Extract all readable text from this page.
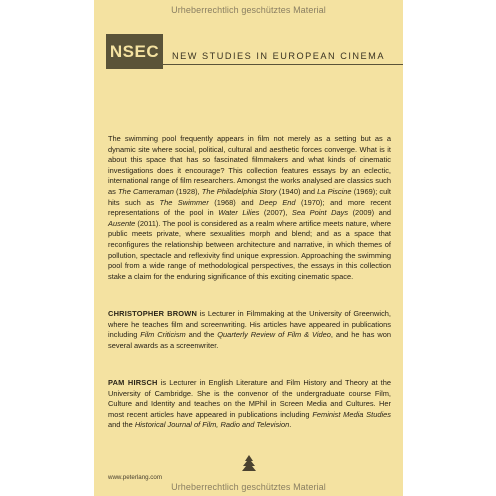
Urheberrechtlich geschütztes Material
NSEC	NEW STUDIES IN EUROPEAN CINEMA
The swimming pool frequently appears in film not merely as a setting but as a dynamic site where social, political, cultural and aesthetic forces converge. What is it about this space that has so fascinated filmmakers and what kinds of cinematic investigations does it encourage? This collection features essays by an eclectic, international range of film researchers. Amongst the works analysed are classics such as The Cameraman (1928), The Philadelphia Story (1940) and La Piscine (1969); cult hits such as The Swimmer (1968) and Deep End (1970); and more recent representations of the pool in Water Lilies (2007), Sea Point Days (2009) and Ausente (2011). The pool is considered as a realm where artifice meets nature, where public meets private, where sexualities morph and blend; and as a space that reconfigures the relationship between architecture and narrative, in which themes of pollution, spectacle and reflexivity find unique expression. Approaching the swimming pool from a wide range of methodological perspectives, the essays in this collection stake a claim for the enduring significance of this exciting cinematic space.
CHRISTOPHER BROWN is Lecturer in Filmmaking at the University of Greenwich, where he teaches film and screenwriting. His articles have appeared in publications including Film Criticism and the Quarterly Review of Film & Video, and he has won several awards as a screenwriter.
PAM HIRSCH is Lecturer in English Literature and Film History and Theory at the University of Cambridge. She is the convenor of the undergraduate course Film, Culture and Identity and teaches on the MPhil in Screen Media and Cultures. Her most recent articles have appeared in publications including Feminist Media Studies and the Historical Journal of Film, Radio and Television.
www.peterlang.com
Urheberrechtlich geschütztes Material
